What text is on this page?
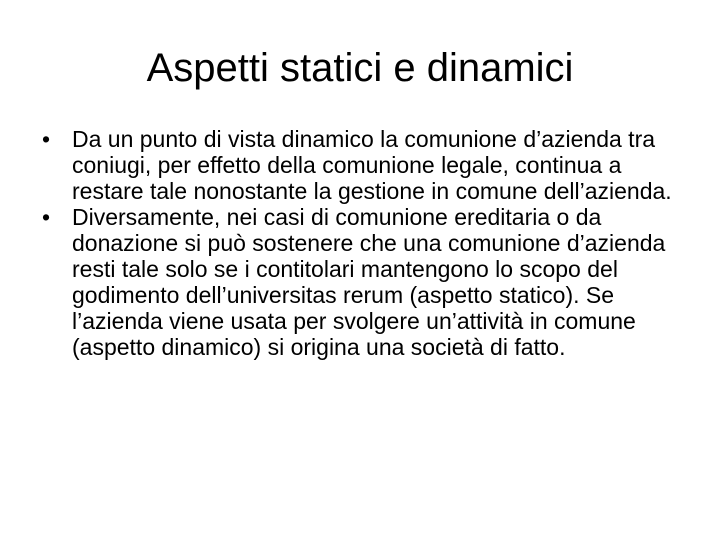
Aspetti statici e dinamici
• Da un punto di vista dinamico la comunione d’azienda tra coniugi, per effetto della comunione legale, continua a restare tale nonostante la gestione in comune dell’azienda.
• Diversamente, nei casi di comunione ereditaria o da donazione si può sostenere che una comunione d’azienda resti tale solo se i contitolari mantengono lo scopo del godimento dell’universitas rerum (aspetto statico). Se l’azienda viene usata per svolgere un’attività in comune (aspetto dinamico) si origina una società di fatto.
